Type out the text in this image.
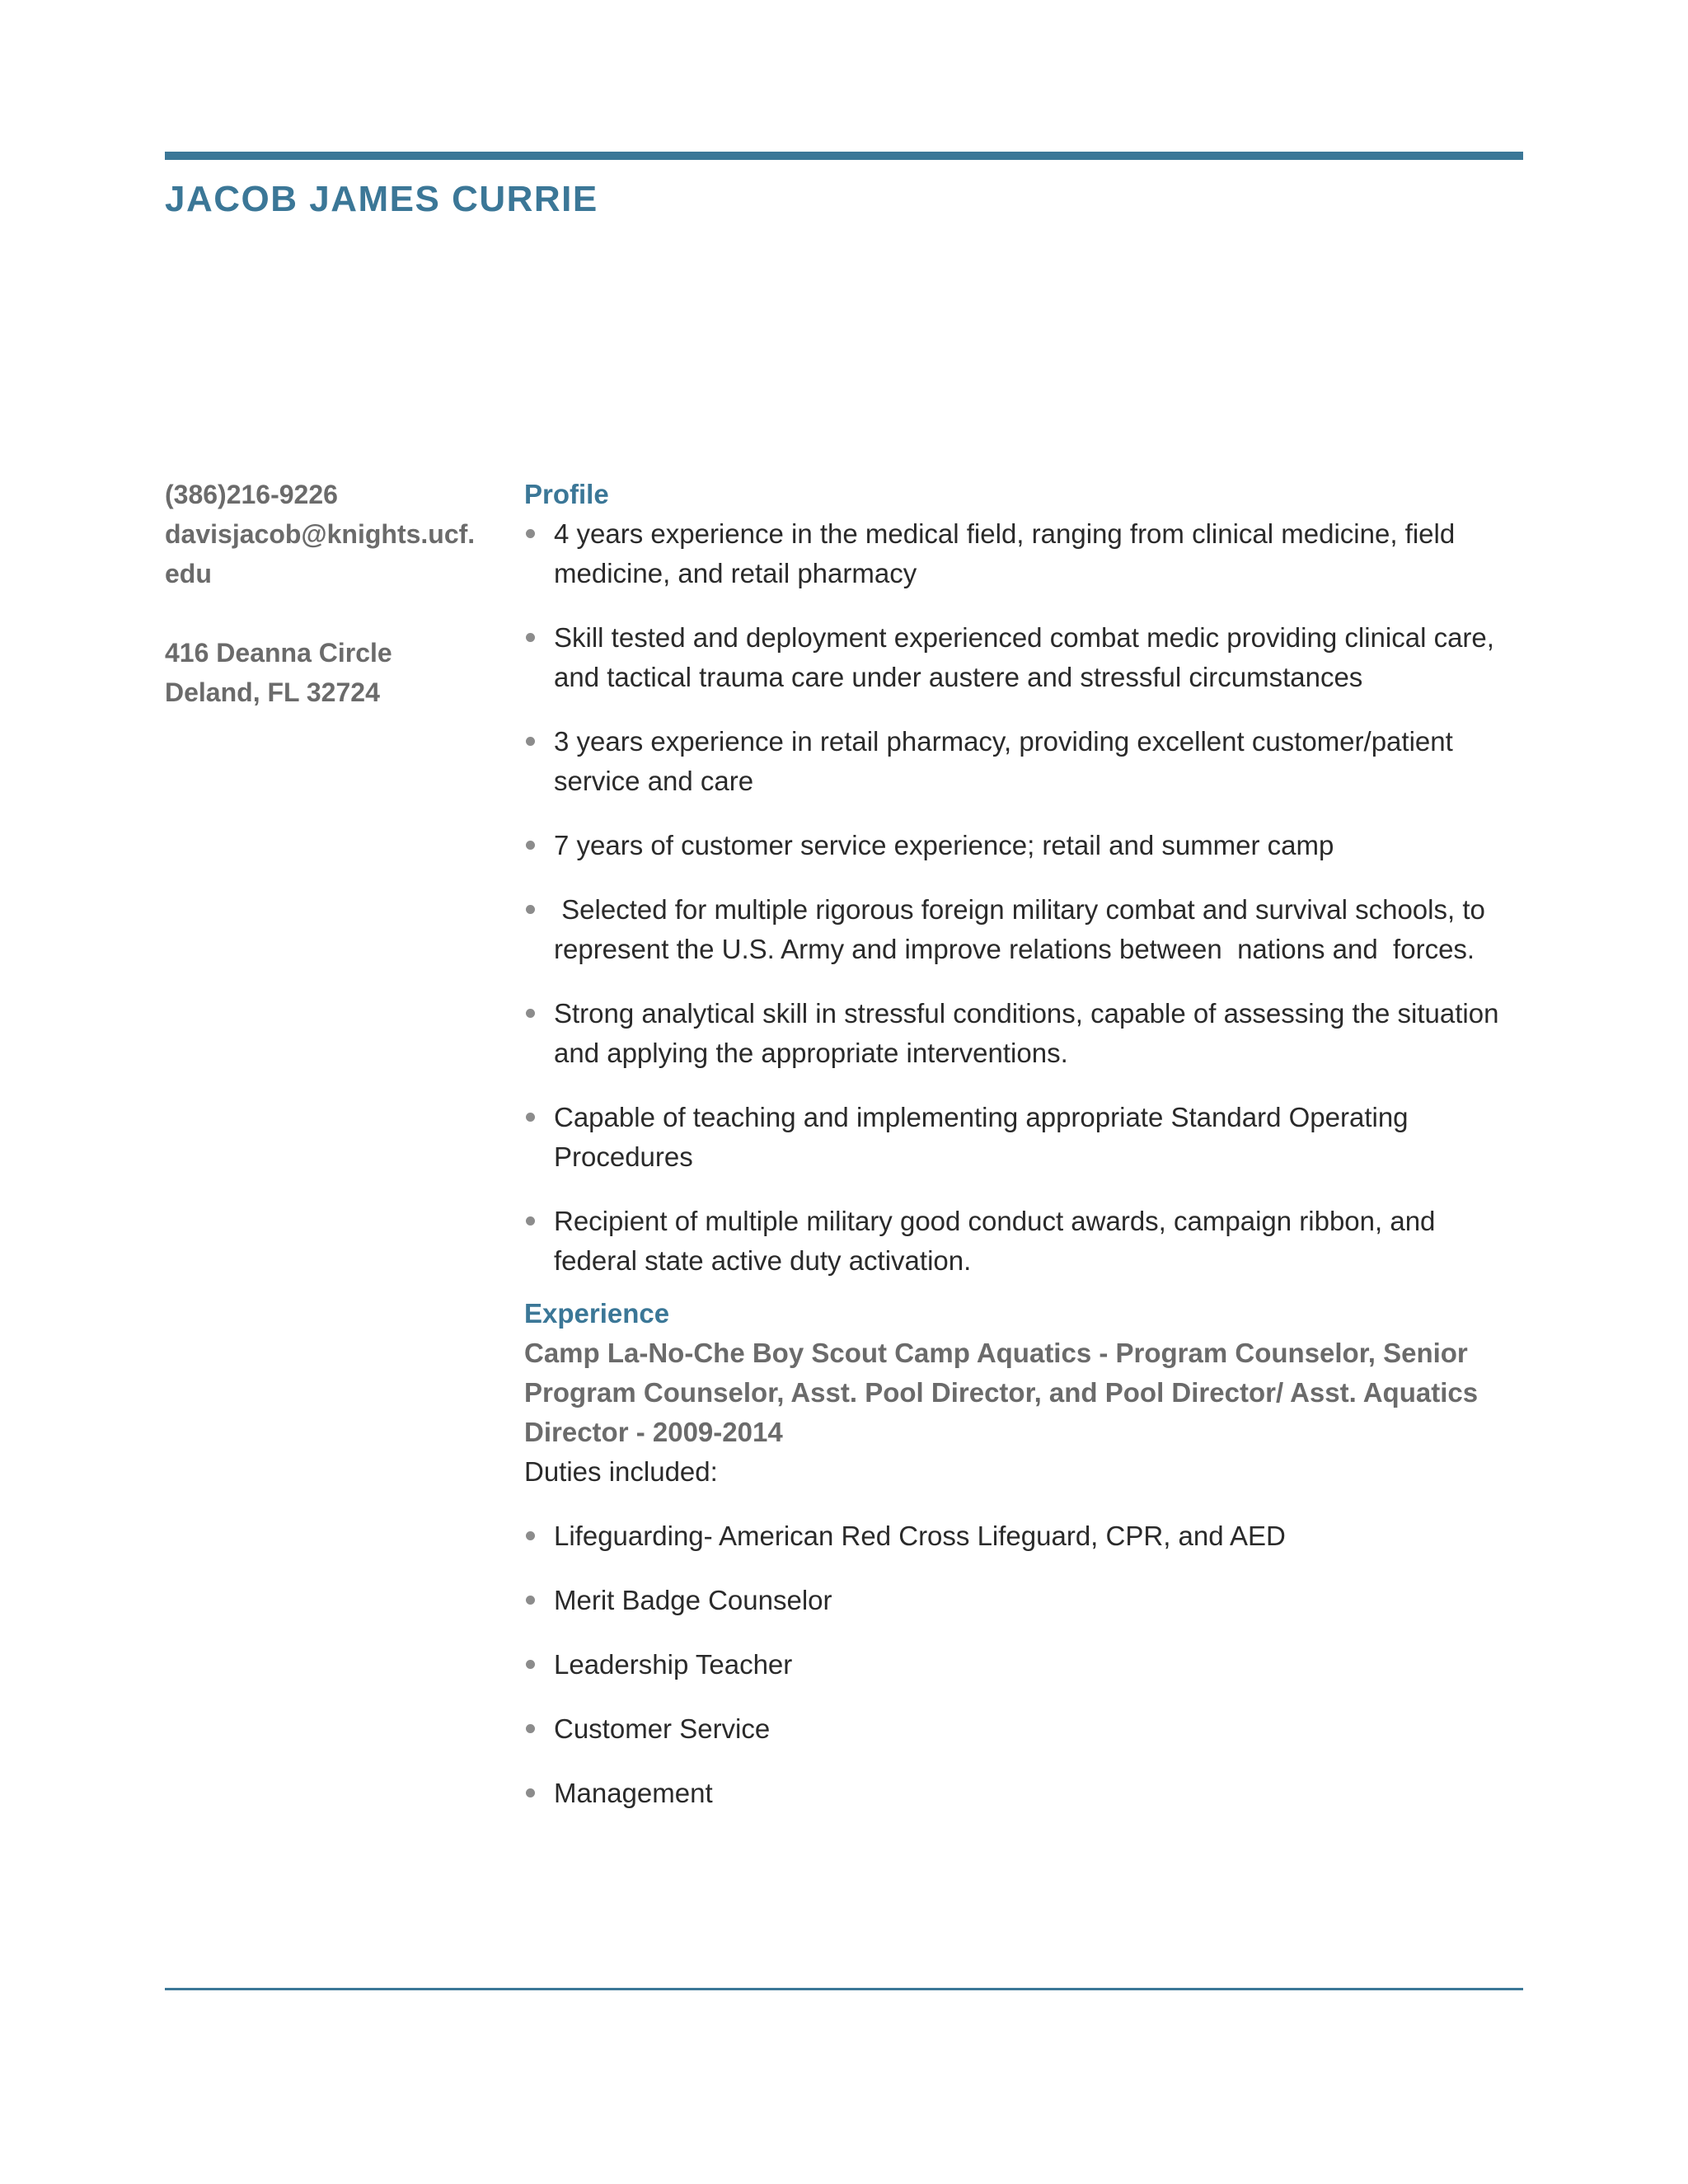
JACOB JAMES CURRIE
(386)216-9226
davisjacob@knights.ucf.
edu
416 Deanna Circle
Deland, FL 32724
Profile
4 years experience in the medical field, ranging from clinical medicine, field medicine, and retail pharmacy
Skill tested and deployment experienced combat medic providing clinical care, and tactical trauma care under austere and stressful circumstances
3 years experience in retail pharmacy, providing excellent customer/patient service and care
7 years of customer service experience; retail and summer camp
Selected for multiple rigorous foreign military combat and survival schools, to represent the U.S. Army and improve relations between  nations and  forces.
Strong analytical skill in stressful conditions, capable of assessing the situation and applying the appropriate interventions.
Capable of teaching and implementing appropriate Standard Operating Procedures
Recipient of multiple military good conduct awards, campaign ribbon, and federal state active duty activation.
Experience

Camp La-No-Che Boy Scout Camp Aquatics - Program Counselor, Senior Program Counselor, Asst. Pool Director, and Pool Director/ Asst. Aquatics Director - 2009-2014

Duties included:

Lifeguarding- American Red Cross Lifeguard, CPR, and AED
Merit Badge Counselor
Leadership Teacher
Customer Service
Management
